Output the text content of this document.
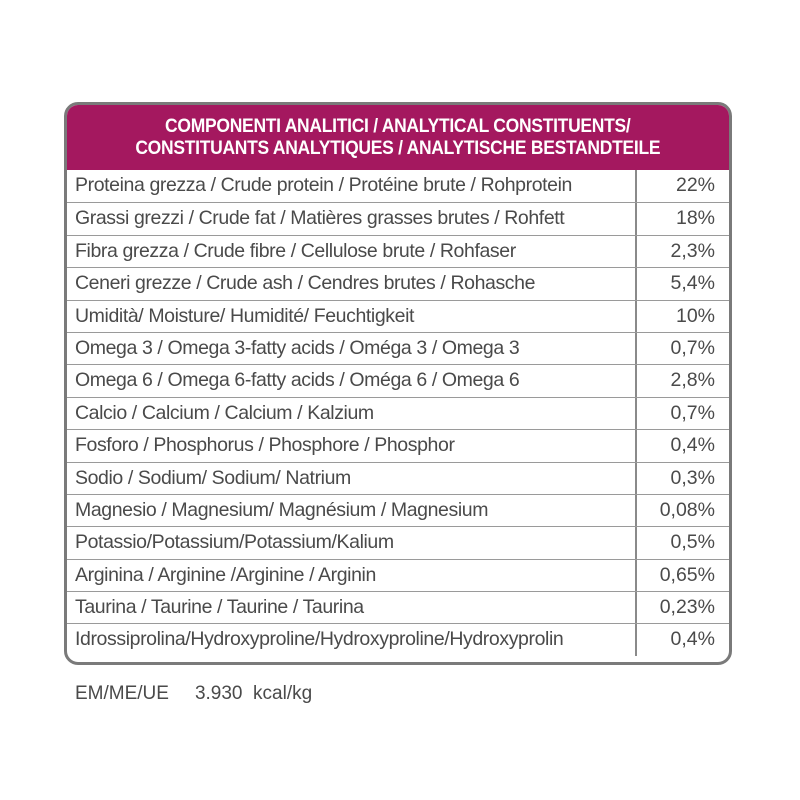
COMPONENTI ANALITICI / ANALYTICAL CONSTITUENTS/
CONSTITUANTS ANALYTIQUES / ANALYTISCHE BESTANDTEILE
Proteina grezza / Crude protein / Protéine brute / Rohprotein	22%
Grassi grezzi / Crude fat / Matières grasses brutes / Rohfett	18%
Fibra grezza / Crude fibre / Cellulose brute / Rohfaser	2,3%
Ceneri grezze / Crude ash / Cendres brutes / Rohasche	5,4%
Umidità/ Moisture/ Humidité/ Feuchtigkeit	10%
Omega 3 / Omega 3-fatty acids / Oméga 3 / Omega 3	0,7%
Omega 6 / Omega 6-fatty acids / Oméga 6 / Omega 6	2,8%
Calcio / Calcium / Calcium / Kalzium	0,7%
Fosforo / Phosphorus / Phosphore / Phosphor	0,4%
Sodio / Sodium/ Sodium/ Natrium	0,3%
Magnesio / Magnesium/ Magnésium / Magnesium	0,08%
Potassio/Potassium/Potassium/Kalium	0,5%
Arginina / Arginine /Arginine / Arginin	0,65%
Taurina / Taurine / Taurine / Taurina	0,23%
Idrossiprolina/Hydroxyproline/Hydroxyproline/Hydroxyprolin	0,4%
EM/ME/UE 3.930  kcal/kg
